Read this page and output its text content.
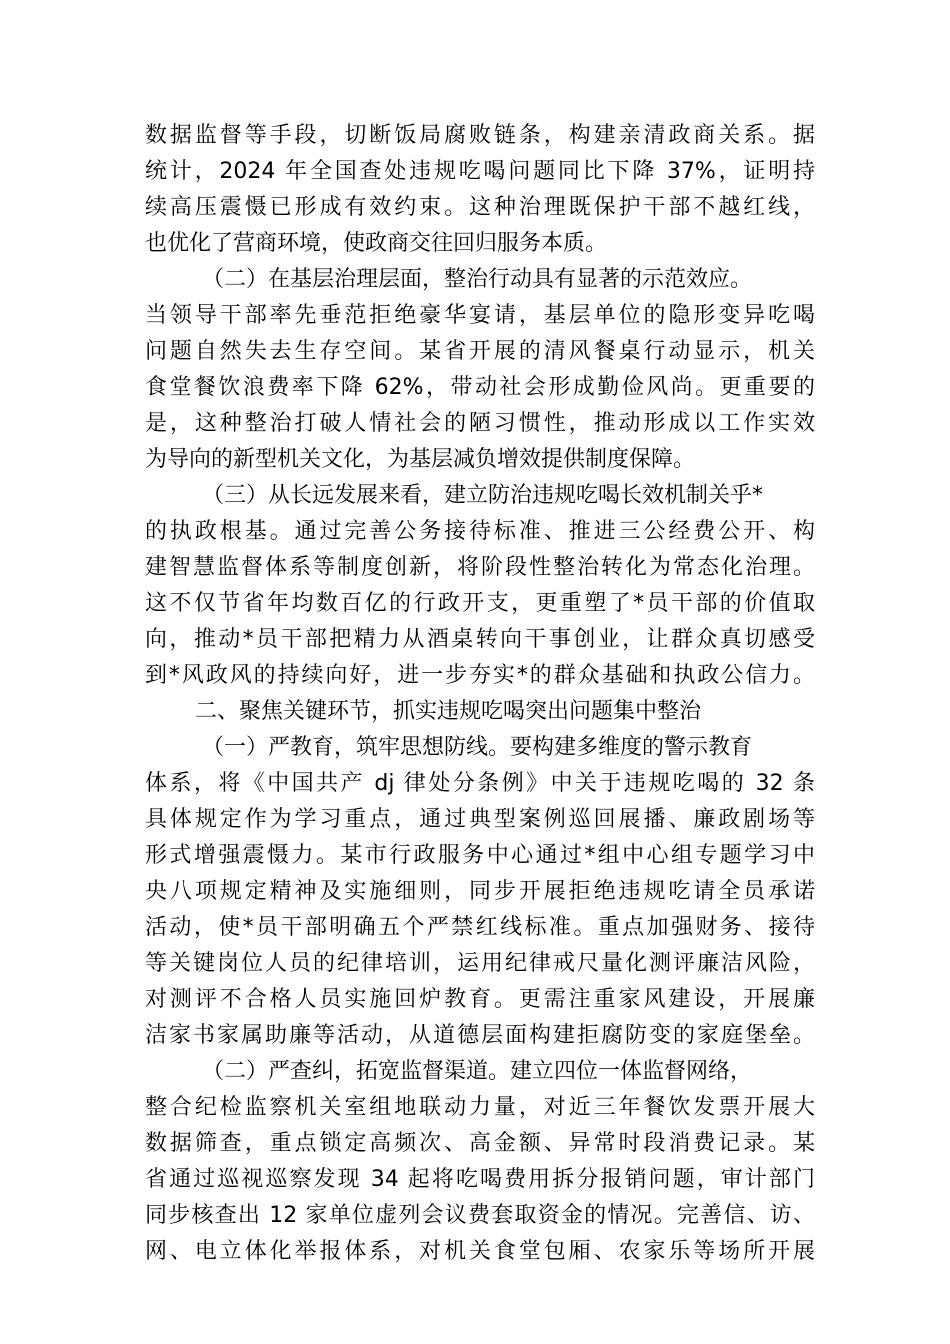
数据监督等手段，切断饭局腐败链条，构建亲清政商关系。据
统计，2024 年全国查处违规吃喝问题同比下降 37%，证明持
续高压震慑已形成有效约束。这种治理既保护干部不越红线，
也优化了营商环境，使政商交往回归服务本质。
（二）在基层治理层面，整治行动具有显著的示范效应。
当领导干部率先垂范拒绝豪华宴请，基层单位的隐形变异吃喝
问题自然失去生存空间。某省开展的清风餐桌行动显示，机关
食堂餐饮浪费率下降 62%，带动社会形成勤俭风尚。更重要的
是，这种整治打破人情社会的陋习惯性，推动形成以工作实效
为导向的新型机关文化，为基层减负增效提供制度保障。
（三）从长远发展来看，建立防治违规吃喝长效机制关乎*
的执政根基。通过完善公务接待标准、推进三公经费公开、构
建智慧监督体系等制度创新，将阶段性整治转化为常态化治理。
这不仅节省年均数百亿的行政开支，更重塑了*员干部的价值取
向，推动*员干部把精力从酒桌转向干事创业，让群众真切感受
到*风政风的持续向好，进一步夯实*的群众基础和执政公信力。
二、聚焦关键环节，抓实违规吃喝突出问题集中整治
（一）严教育，筑牢思想防线。要构建多维度的警示教育
体系，将《中国共产 dj 律处分条例》中关于违规吃喝的 32 条
具体规定作为学习重点，通过典型案例巡回展播、廉政剧场等
形式增强震慑力。某市行政服务中心通过*组中心组专题学习中
央八项规定精神及实施细则，同步开展拒绝违规吃请全员承诺
活动，使*员干部明确五个严禁红线标准。重点加强财务、接待
等关键岗位人员的纪律培训，运用纪律戒尺量化测评廉洁风险，
对测评不合格人员实施回炉教育。更需注重家风建设，开展廉
洁家书家属助廉等活动，从道德层面构建拒腐防变的家庭堡垒。
（二）严查纠，拓宽监督渠道。建立四位一体监督网络，
整合纪检监察机关室组地联动力量，对近三年餐饮发票开展大
数据筛查，重点锁定高频次、高金额、异常时段消费记录。某
省通过巡视巡察发现 34 起将吃喝费用拆分报销问题，审计部门
同步核查出 12 家单位虚列会议费套取资金的情况。完善信、访、
网、电立体化举报体系，对机关食堂包厢、农家乐等场所开展
